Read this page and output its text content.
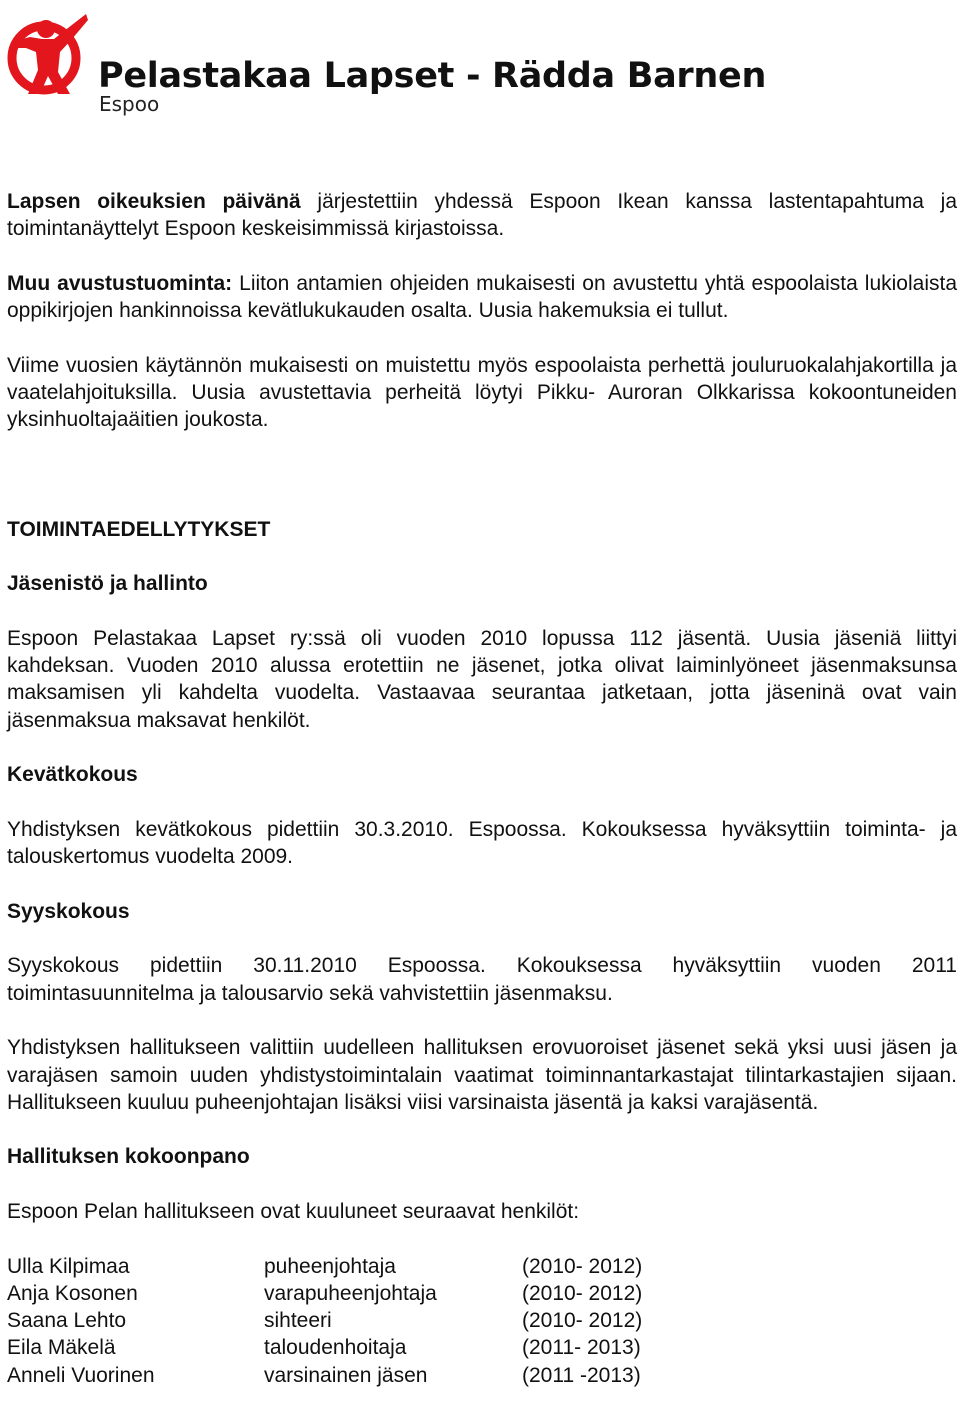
Pelastakaa Lapset - Rädda Barnen
Espoo

Lapsen oikeuksien päivänä järjestettiin yhdessä Espoon Ikean kanssa lastentapahtuma ja toimintanäyttelyt Espoon keskeisimmissä kirjastoissa.

Muu avustustuominta: Liiton antamien ohjeiden mukaisesti on avustettu yhtä espoolaista lukiolaista oppikirjojen hankinnoissa kevätlukukauden osalta. Uusia hakemuksia ei tullut.

Viime vuosien käytännön mukaisesti on muistettu myös espoolaista perhettä jouluruokalahjakortilla ja vaatelahjoituksilla. Uusia avustettavia perheitä löytyi Pikku- Auroran Olkkarissa kokoontuneiden yksinhuoltajaäitien joukosta.

TOIMINTAEDELLYTYKSET

Jäsenistö ja hallinto

Espoon Pelastakaa Lapset ry:ssä oli vuoden 2010 lopussa 112 jäsentä. Uusia jäseniä liittyi kahdeksan. Vuoden 2010 alussa erotettiin ne jäsenet, jotka olivat laiminlyöneet jäsenmaksunsa maksamisen yli kahdelta vuodelta. Vastaavaa seurantaa jatketaan, jotta jäseninä ovat vain jäsenmaksua maksavat henkilöt.

Kevätkokous

Yhdistyksen kevätkokous pidettiin 30.3.2010. Espoossa. Kokouksessa hyväksyttiin toiminta- ja talouskertomus vuodelta 2009.

Syyskokous

Syyskokous pidettiin 30.11.2010 Espoossa. Kokouksessa hyväksyttiin vuoden 2011 toimintasuunnitelma ja talousarvio sekä vahvistettiin jäsenmaksu.

Yhdistyksen hallitukseen valittiin uudelleen hallituksen erovuoroiset jäsenet sekä yksi uusi jäsen ja varajäsen samoin uuden yhdistystoimintalain vaatimat toiminnantarkastajat tilintarkastajien sijaan. Hallitukseen kuuluu puheenjohtajan lisäksi viisi varsinaista jäsentä ja kaksi varajäsentä.

Hallituksen kokoonpano

Espoon Pelan hallitukseen ovat kuuluneet seuraavat henkilöt:

Ulla Kilpimaa	puheenjohtaja	(2010- 2012)
Anja Kosonen	varapuheenjohtaja	(2010- 2012)
Saana Lehto	sihteeri	(2010- 2012)
Eila Mäkelä	taloudenhoitaja	(2011- 2013)
Anneli Vuorinen	varsinainen jäsen	(2011 -2013)
